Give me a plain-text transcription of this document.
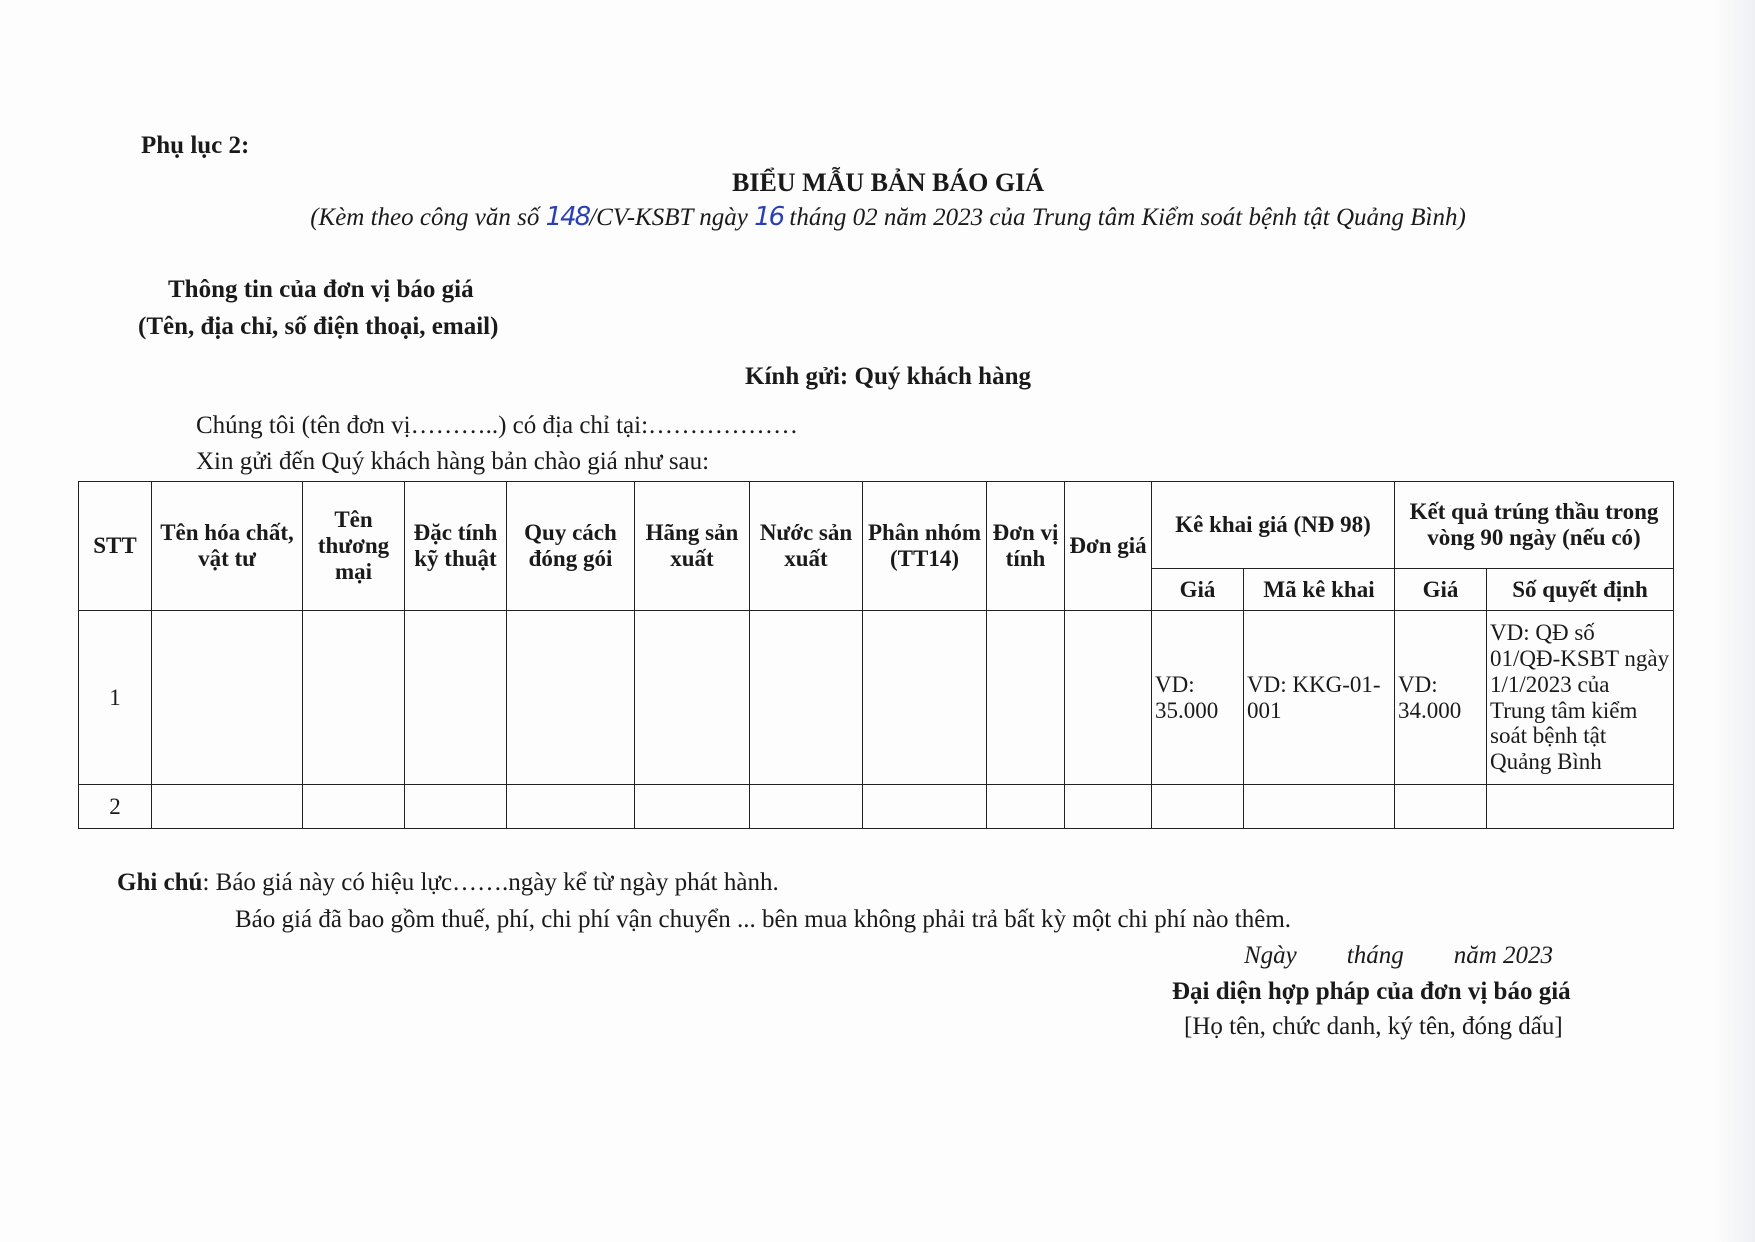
Phụ lục 2:
BIỂU MẪU BẢN BÁO GIÁ
(Kèm theo công văn số 148/CV-KSBT ngày 16 tháng 02 năm 2023 của Trung tâm Kiểm soát bệnh tật Quảng Bình)
Thông tin của đơn vị báo giá
(Tên, địa chỉ, số điện thoại, email)
Kính gửi: Quý khách hàng
Chúng tôi (tên đơn vị………..) có địa chỉ tại:………………
Xin gửi đến Quý khách hàng bản chào giá như sau:
STT	Tên hóa chất, vật tư	Tên thương mại	Đặc tính kỹ thuật	Quy cách đóng gói	Hãng sản xuất	Nước sản xuất	Phân nhóm (TT14)	Đơn vị tính	Đơn giá	Kê khai giá (NĐ 98)		Kết quả trúng thầu trong vòng 90 ngày (nếu có)	
										Giá	Mã kê khai	Giá	Số quyết định
1										VD: 35.000	VD: KKG-01-001	VD: 34.000	VD: QĐ số 01/QĐ-KSBT ngày 1/1/2023 của Trung tâm kiểm soát bệnh tật Quảng Bình
2													
Ghi chú: Báo giá này có hiệu lực…….ngày kể từ ngày phát hành.
Báo giá đã bao gồm thuế, phí, chi phí vận chuyển ... bên mua không phải trả bất kỳ một chi phí nào thêm.
Ngày        tháng        năm 2023
Đại diện hợp pháp của đơn vị báo giá
[Họ tên, chức danh, ký tên, đóng dấu]
